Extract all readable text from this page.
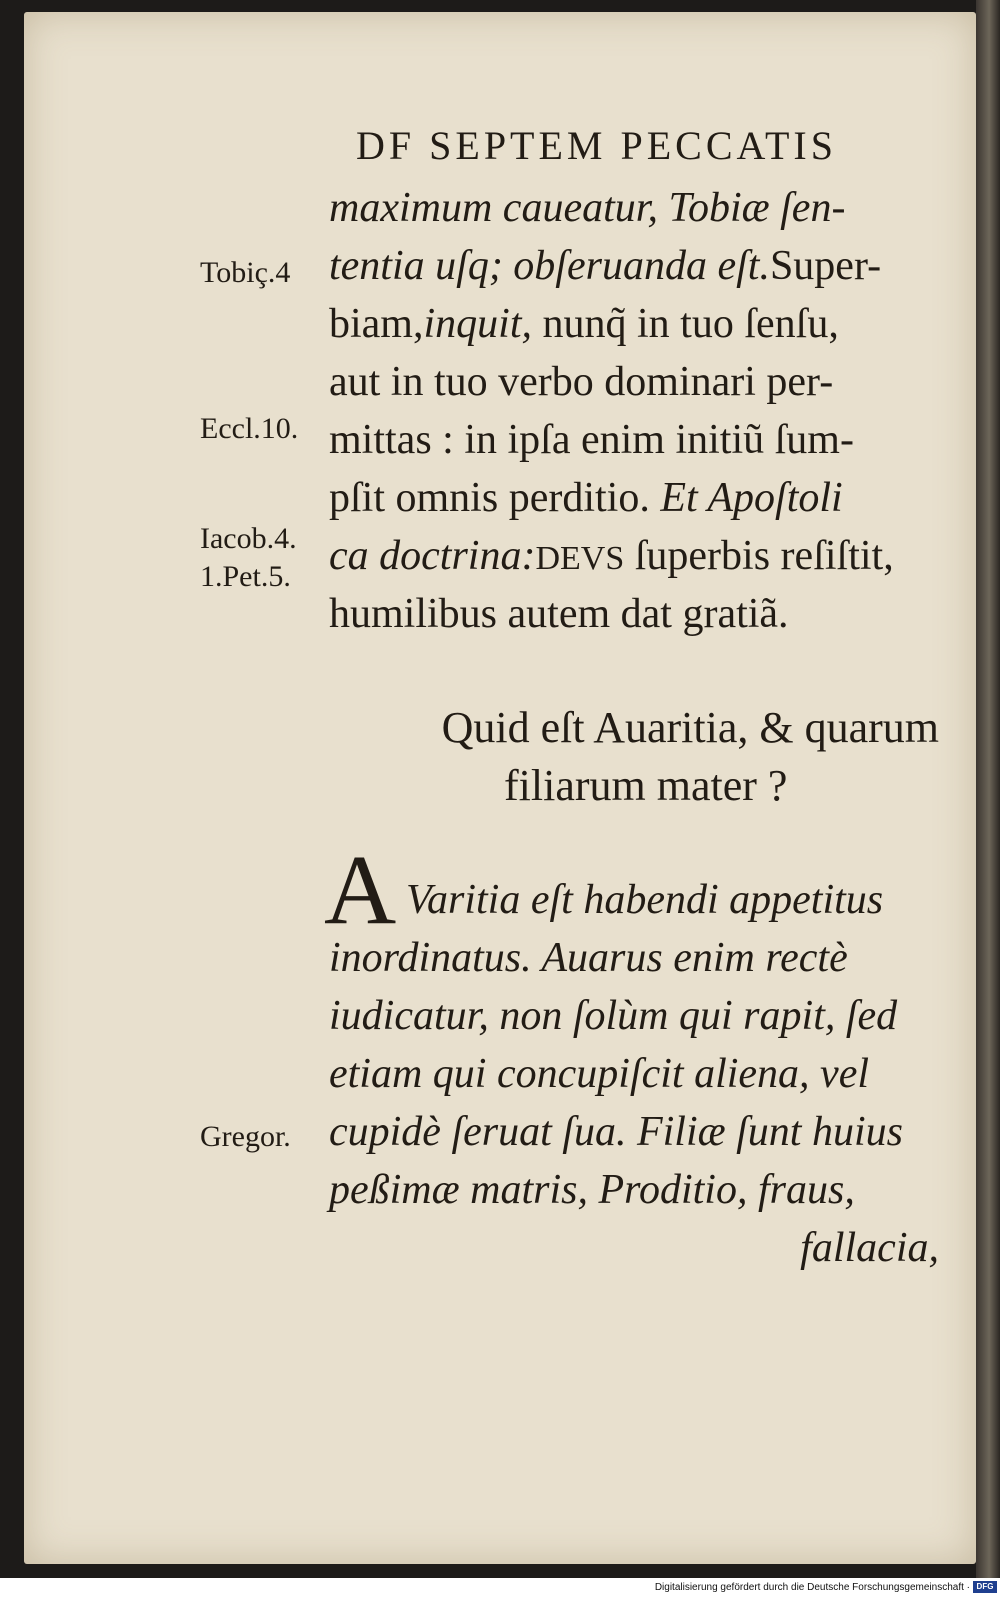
DF SEPTEM PECCATIS
Tobiç.4
Eccl.10.
Iacob.4.
1.Pet.5.
Gregor.
maximum caueatur, Tobiæ ſen-
tentia uſq; obſeruanda eſt.Super-
biam,inquit, nunq̃ in tuo ſenſu,
aut in tuo verbo dominari per-
mittas : in ipſa enim initiũ ſum-
pſit omnis perditio. Et Apoſtoli
ca doctrina:DEVS ſuperbis reſiſtit,
humilibus autem dat gratiã.
Quid eſt Auaritia, & quarum
filiarum mater ?
A Varitia eſt habendi appetitus
inordinatus. Auarus enim rectè
iudicatur, non ſolùm qui rapit, ſed
etiam qui concupiſcit aliena, vel
cupidè ſeruat ſua. Filiæ ſunt huius
peßimæ matris, Proditio, fraus,
fallacia,
Digitalisierung gefördert durch die Deutsche Forschungsgemeinschaft · DFG
